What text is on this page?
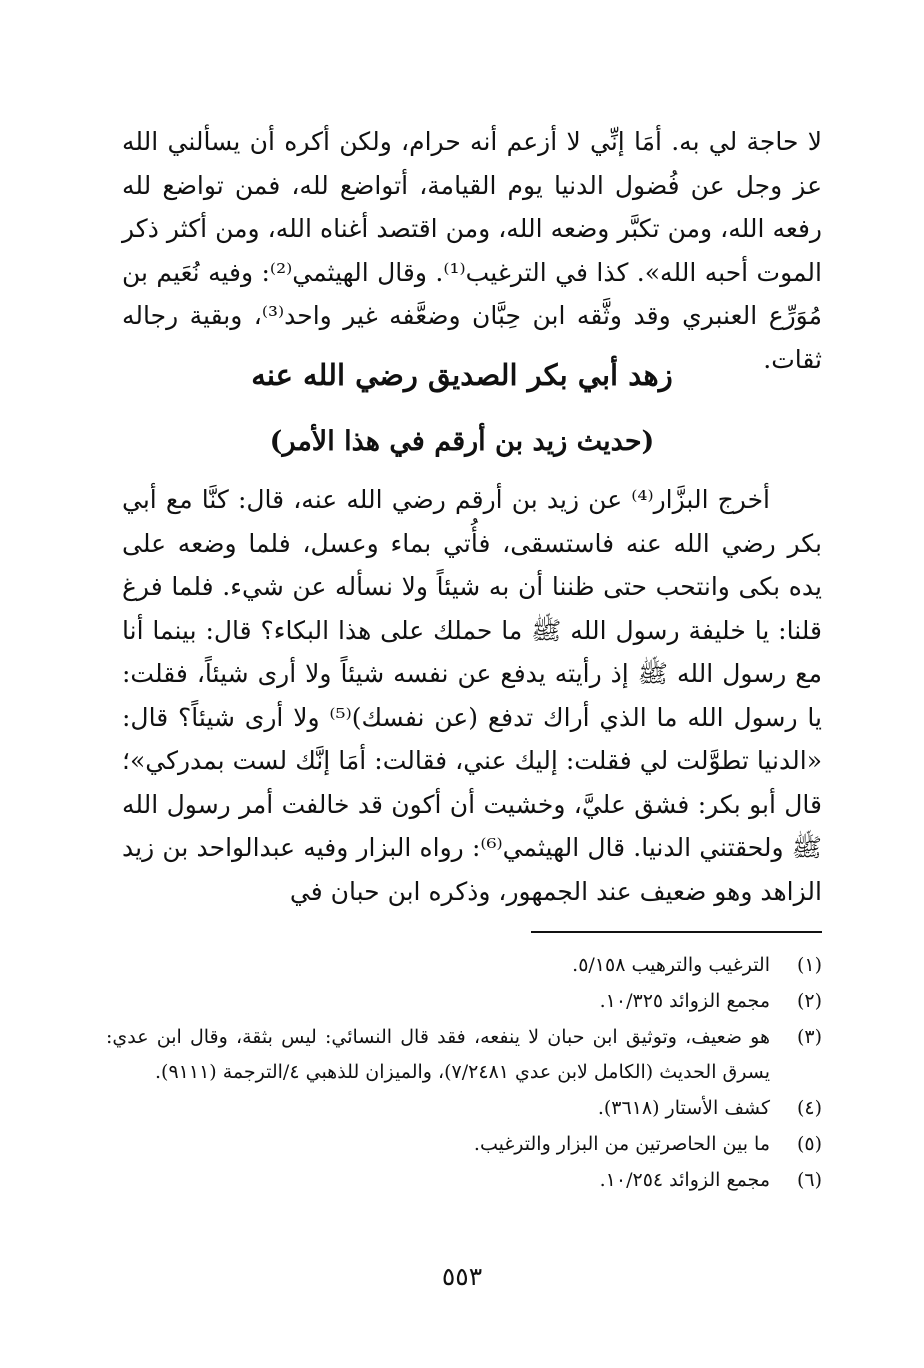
لا حاجة لي به. أمَا إنِّي لا أزعم أنه حرام، ولكن أكره أن يسألني الله عز وجل عن فُضول الدنيا يوم القيامة، أتواضع لله، فمن تواضع لله رفعه الله، ومن تكبَّر وضعه الله، ومن اقتصد أغناه الله، ومن أكثر ذكر الموت أحبه الله». كذا في الترغيب⁽¹⁾. وقال الهيثمي⁽²⁾: وفيه نُعَيم بن مُوَرِّع العنبري وقد وثَّقه ابن حِبَّان وضعَّفه غير واحد⁽³⁾، وبقية رجاله ثقات.
زهد أبي بكر الصديق رضي الله عنه
(حديث زيد بن أرقم في هذا الأمر)
أخرج البزَّار⁽⁴⁾ عن زيد بن أرقم رضي الله عنه، قال: كنَّا مع أبي بكر رضي الله عنه فاستسقى، فأُتي بماء وعسل، فلما وضعه على يده بكى وانتحب حتى ظننا أن به شيئاً ولا نسأله عن شيء. فلما فرغ قلنا: يا خليفة رسول الله ﷺ ما حملك على هذا البكاء؟ قال: بينما أنا مع رسول الله ﷺ إذ رأيته يدفع عن نفسه شيئاً ولا أرى شيئاً، فقلت: يا رسول الله ما الذي أراك تدفع (عن نفسك)⁽⁵⁾ ولا أرى شيئاً؟ قال: «الدنيا تطوَّلت لي فقلت: إليك عني، فقالت: أمَا إنَّك لست بمدركي»؛ قال أبو بكر: فشق عليَّ، وخشيت أن أكون قد خالفت أمر رسول الله ﷺ ولحقتني الدنيا. قال الهيثمي⁽⁶⁾: رواه البزار وفيه عبدالواحد بن زيد الزاهد وهو ضعيف عند الجمهور، وذكره ابن حبان في
(١)
الترغيب والترهيب ٥/١٥٨.
(٢)
مجمع الزوائد ١٠/٣٢٥.
(٣)
هو ضعيف، وتوثيق ابن حبان لا ينفعه، فقد قال النسائي: ليس بثقة، وقال ابن عدي: يسرق الحديث (الكامل لابن عدي ٧/٢٤٨١)، والميزان للذهبي ٤/الترجمة (٩١١١).
(٤)
كشف الأستار (٣٦١٨).
(٥)
ما بين الحاصرتين من البزار والترغيب.
(٦)
مجمع الزوائد ١٠/٢٥٤.
٥٥٣
